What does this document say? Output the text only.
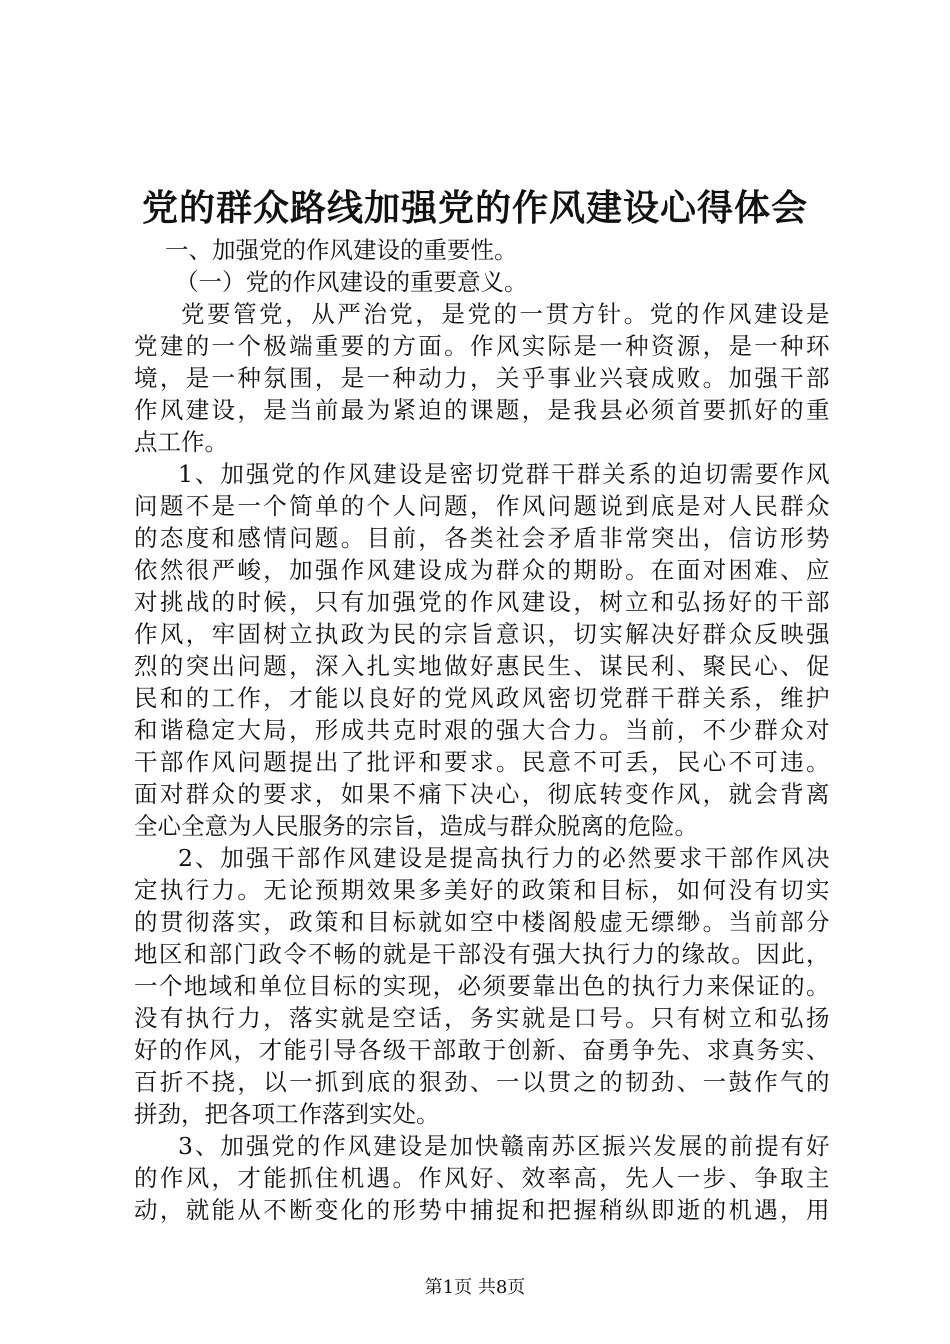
党的群众路线加强党的作风建设心得体会
一、加强党的作风建设的重要性。
（一）党的作风建设的重要意义。
党要管党，从严治党，是党的一贯方针。党的作风建设是
党建的一个极端重要的方面。作风实际是一种资源，是一种环
境，是一种氛围，是一种动力，关乎事业兴衰成败。加强干部
作风建设，是当前最为紧迫的课题，是我县必须首要抓好的重
点工作。
1、加强党的作风建设是密切党群干群关系的迫切需要作风
问题不是一个简单的个人问题，作风问题说到底是对人民群众
的态度和感情问题。目前，各类社会矛盾非常突出，信访形势
依然很严峻，加强作风建设成为群众的期盼。在面对困难、应
对挑战的时候，只有加强党的作风建设，树立和弘扬好的干部
作风，牢固树立执政为民的宗旨意识，切实解决好群众反映强
烈的突出问题，深入扎实地做好惠民生、谋民利、聚民心、促
民和的工作，才能以良好的党风政风密切党群干群关系，维护
和谐稳定大局，形成共克时艰的强大合力。当前，不少群众对
干部作风问题提出了批评和要求。民意不可丢，民心不可违。
面对群众的要求，如果不痛下决心，彻底转变作风，就会背离
全心全意为人民服务的宗旨，造成与群众脱离的危险。
2、加强干部作风建设是提高执行力的必然要求干部作风决
定执行力。无论预期效果多美好的政策和目标，如何没有切实
的贯彻落实，政策和目标就如空中楼阁般虚无缥缈。当前部分
地区和部门政令不畅的就是干部没有强大执行力的缘故。因此，
一个地域和单位目标的实现，必须要靠出色的执行力来保证的。
没有执行力，落实就是空话，务实就是口号。只有树立和弘扬
好的作风，才能引导各级干部敢于创新、奋勇争先、求真务实、
百折不挠，以一抓到底的狠劲、一以贯之的韧劲、一鼓作气的
拼劲，把各项工作落到实处。
3、加强党的作风建设是加快赣南苏区振兴发展的前提有好
的作风，才能抓住机遇。作风好、效率高，先人一步、争取主
动，就能从不断变化的形势中捕捉和把握稍纵即逝的机遇，用
第1页 共8页
